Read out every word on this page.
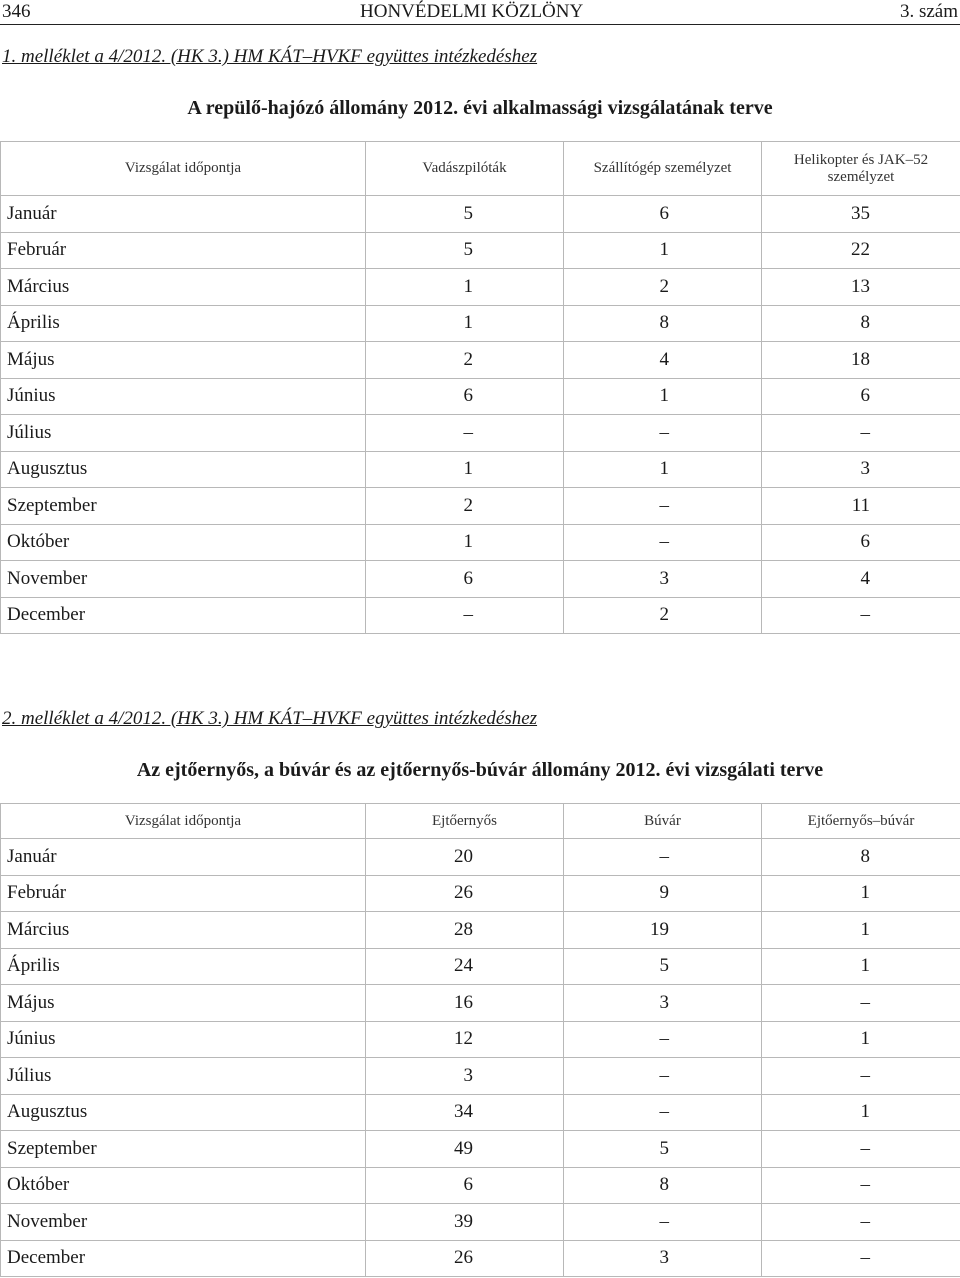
346	HONVÉDELMI KÖZLÖNY	3. szám
1. melléklet a 4/2012. (HK 3.) HM KÁT–HVKF együttes intézkedéshez
A repülő-hajózó állomány 2012. évi alkalmassági vizsgálatának terve
Vizsgálat időpontja	Vadászpilóták	Szállítógép személyzet	Helikopter és JAK–52 személyzet
Január	5	6	35
Február	5	1	22
Március	1	2	13
Április	1	8	8
Május	2	4	18
Június	6	1	6
Július	–	–	–
Augusztus	1	1	3
Szeptember	2	–	11
Október	1	–	6
November	6	3	4
December	–	2	–
2. melléklet a 4/2012. (HK 3.) HM KÁT–HVKF együttes intézkedéshez
Az ejtőernyős, a búvár és az ejtőernyős-búvár állomány 2012. évi vizsgálati terve
Vizsgálat időpontja	Ejtőernyős	Búvár	Ejtőernyős–búvár
Január	20	–	8
Február	26	9	1
Március	28	19	1
Április	24	5	1
Május	16	3	–
Június	12	–	1
Július	3	–	–
Augusztus	34	–	1
Szeptember	49	5	–
Október	6	8	–
November	39	–	–
December	26	3	–
